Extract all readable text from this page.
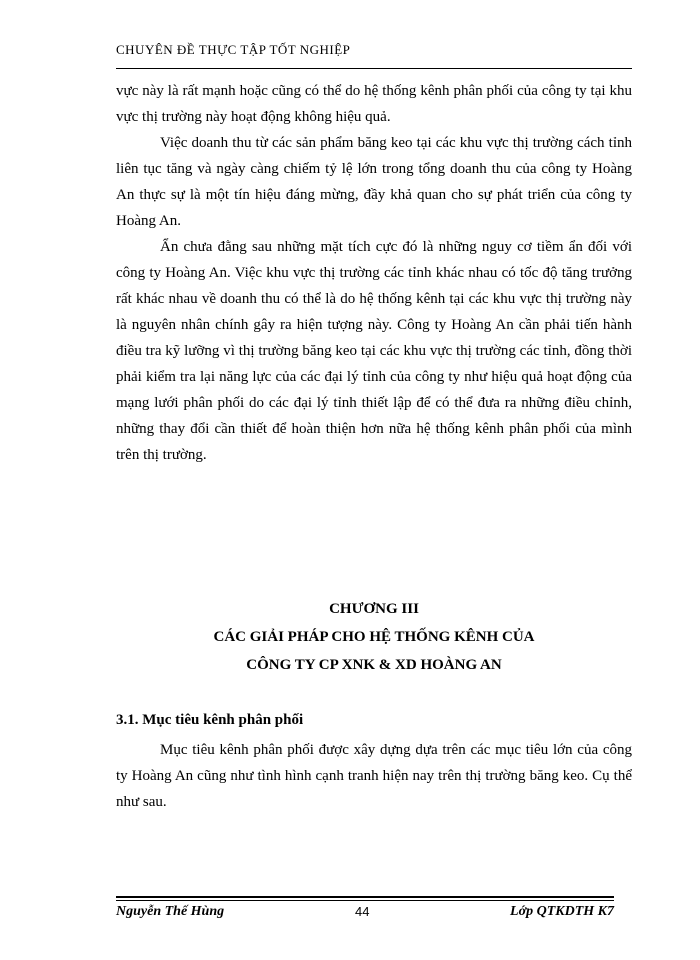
CHUYÊN ĐỀ THỰC TẬP TỐT NGHIỆP

vực này là rất mạnh hoặc cũng có thể do hệ thống kênh phân phối của công ty tại khu vực thị trường này hoạt động không hiệu quả.

Việc doanh thu từ các sản phẩm băng keo tại các khu vực thị trường cách tỉnh liên tục tăng và ngày càng chiếm tỷ lệ lớn trong tổng doanh thu của công ty Hoàng An thực sự là một tín hiệu đáng mừng, đầy khả quan cho sự phát triển của công ty Hoàng An.

Ẩn chưa đằng sau những mặt tích cực đó là những nguy cơ tiềm ẩn đối với công ty Hoàng An. Việc khu vực thị trường các tỉnh khác nhau có tốc độ tăng trưởng rất khác nhau về doanh thu có thể là do hệ thống kênh tại các khu vực thị trường này là nguyên nhân chính gây ra hiện tượng này. Công ty Hoàng An cần phải tiến hành điều tra kỹ lưỡng vì thị trường băng keo tại các khu vực thị trường các tỉnh, đồng thời phải kiểm tra lại năng lực của các đại lý tỉnh của công ty như hiệu quả hoạt động của mạng lưới phân phối do các đại lý tỉnh thiết lập để có thể đưa ra những điều chỉnh, những thay đổi cần thiết để hoàn thiện hơn nữa hệ thống kênh phân phối của mình trên thị trường.

CHƯƠNG III
CÁC GIẢI PHÁP CHO HỆ THỐNG KÊNH CỦA
CÔNG TY CP XNK & XD HOÀNG AN
3.1. Mục tiêu kênh phân phối

Mục tiêu kênh phân phối được xây dựng dựa trên các mục tiêu lớn của công ty Hoàng An cũng như tình hình cạnh tranh hiện nay trên thị trường băng keo. Cụ thể như sau.

Nguyễn Thế Hùng	44	Lớp QTKDTH K7
